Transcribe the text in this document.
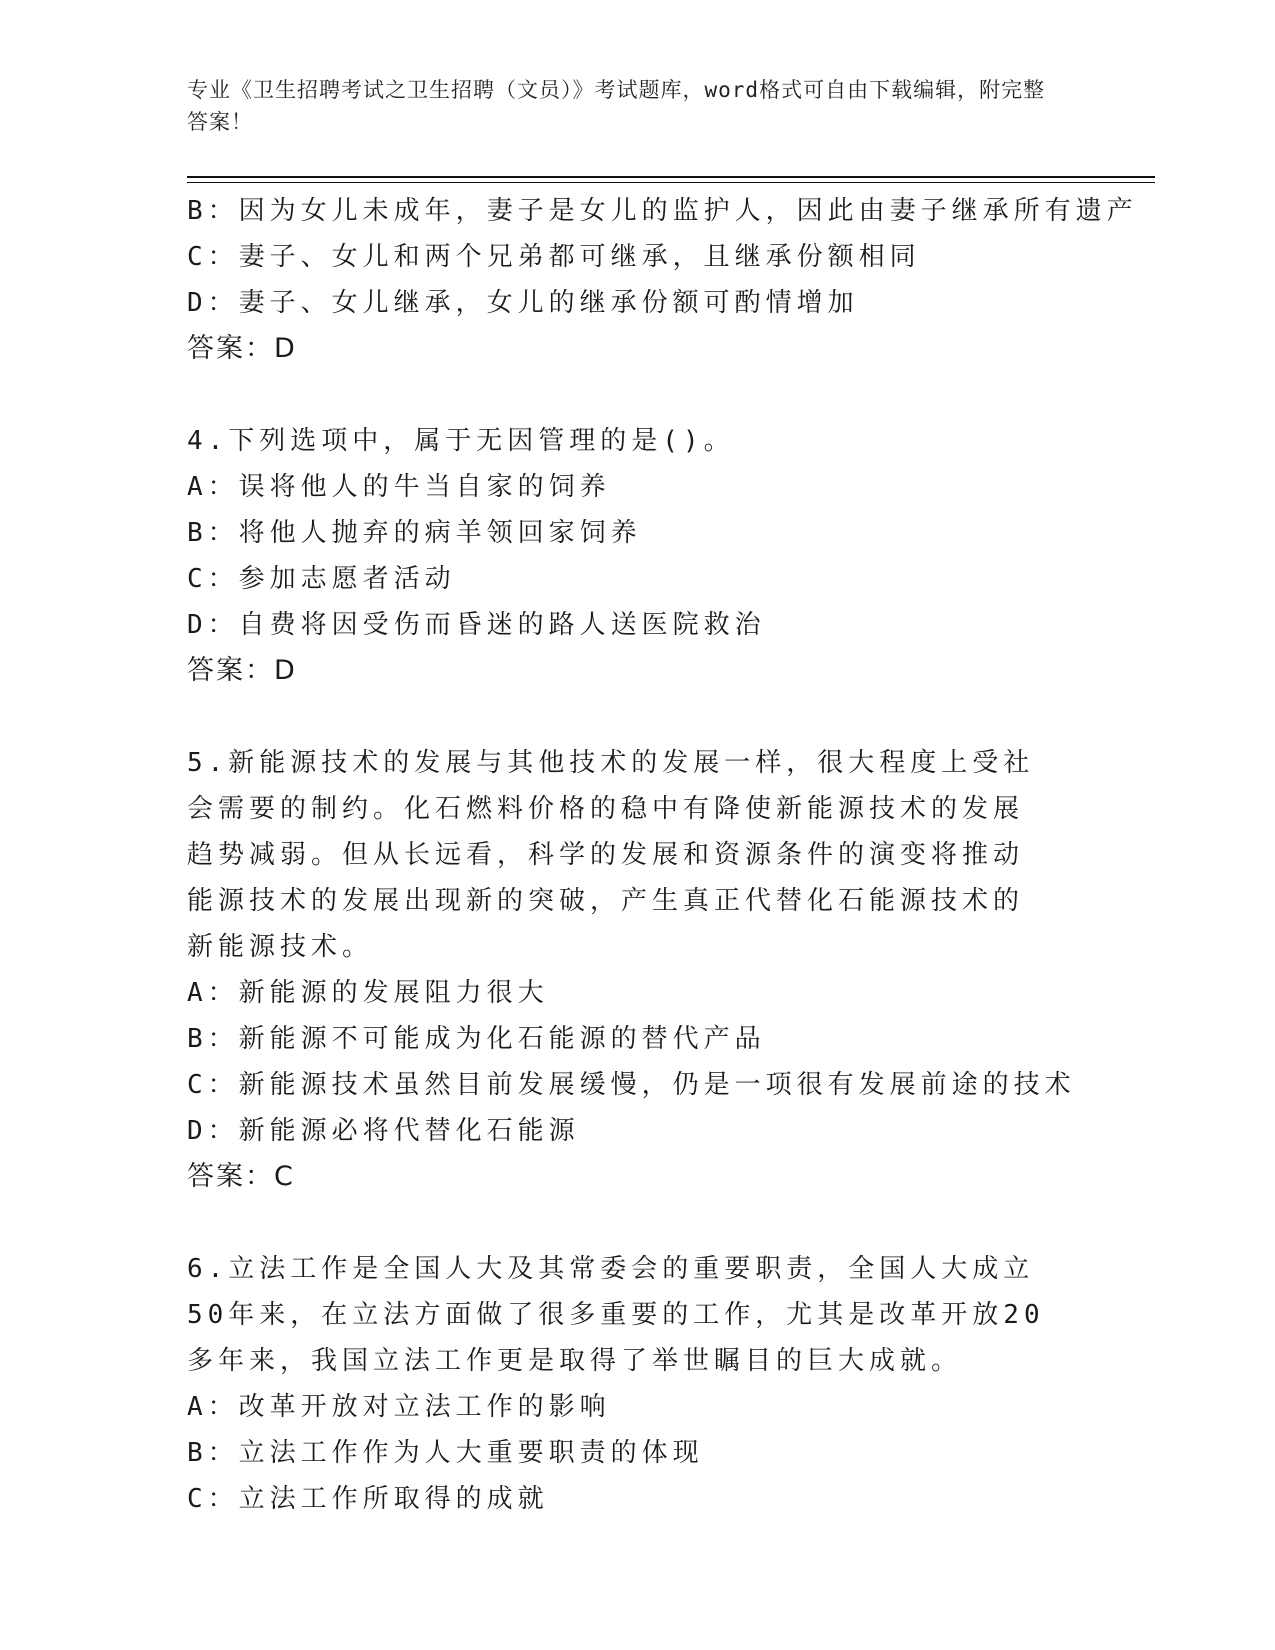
专业《卫生招聘考试之卫生招聘（文员）》考试题库，word格式可自由下载编辑，附完整答案！
B：因为女儿未成年，妻子是女儿的监护人，因此由妻子继承所有遗产
C：妻子、女儿和两个兄弟都可继承，且继承份额相同
D：妻子、女儿继承，女儿的继承份额可酌情增加
答案：D
4.下列选项中，属于无因管理的是()。
A：误将他人的牛当自家的饲养
B：将他人抛弃的病羊领回家饲养
C：参加志愿者活动
D：自费将因受伤而昏迷的路人送医院救治
答案：D
5.新能源技术的发展与其他技术的发展一样，很大程度上受社会需要的制约。化石燃料价格的稳中有降使新能源技术的发展趋势减弱。但从长远看，科学的发展和资源条件的演变将推动能源技术的发展出现新的突破，产生真正代替化石能源技术的新能源技术。
A：新能源的发展阻力很大
B：新能源不可能成为化石能源的替代产品
C：新能源技术虽然目前发展缓慢，仍是一项很有发展前途的技术
D：新能源必将代替化石能源
答案：C
6.立法工作是全国人大及其常委会的重要职责，全国人大成立50年来，在立法方面做了很多重要的工作，尤其是改革开放20多年来，我国立法工作更是取得了举世瞩目的巨大成就。
A：改革开放对立法工作的影响
B：立法工作作为人大重要职责的体现
C：立法工作所取得的成就
